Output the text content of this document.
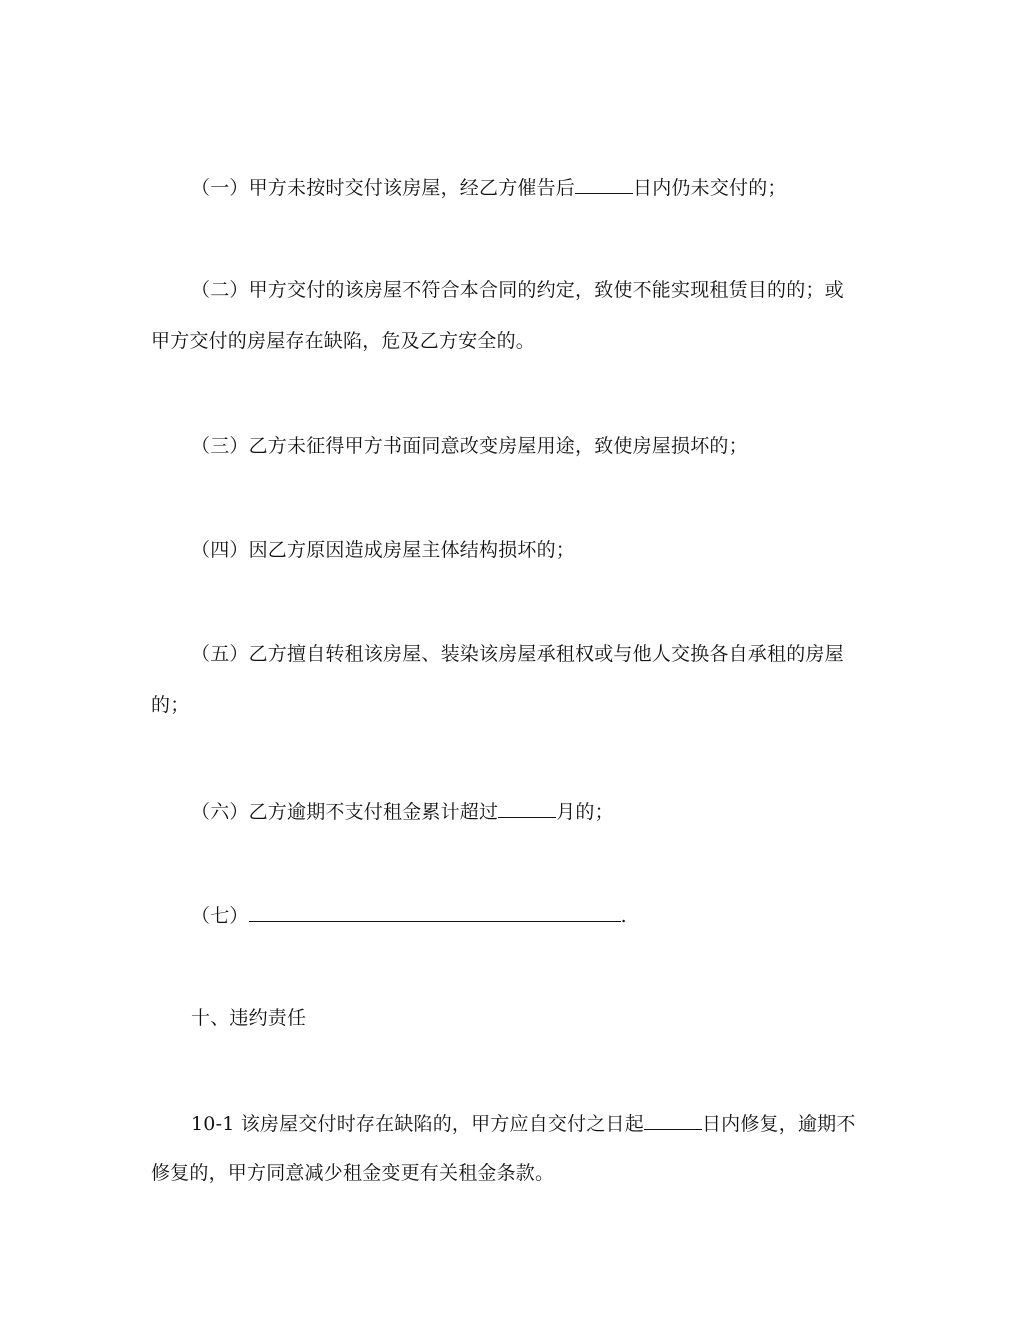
（一）甲方未按时交付该房屋，经乙方催告后	日内仍未交付的；
（二）甲方交付的该房屋不符合本合同的约定，致使不能实现租赁目的的；或
甲方交付的房屋存在缺陷，危及乙方安全的。
（三）乙方未征得甲方书面同意改变房屋用途，致使房屋损坏的；
（四）因乙方原因造成房屋主体结构损坏的；
（五）乙方擅自转租该房屋、装染该房屋承租权或与他人交换各自承租的房屋
的；
（六）乙方逾期不支付租金累计超过	月的；
（七）	.
十、违约责任
10-1 该房屋交付时存在缺陷的，甲方应自交付之日起	日内修复，逾期不
修复的，甲方同意减少租金变更有关租金条款。
